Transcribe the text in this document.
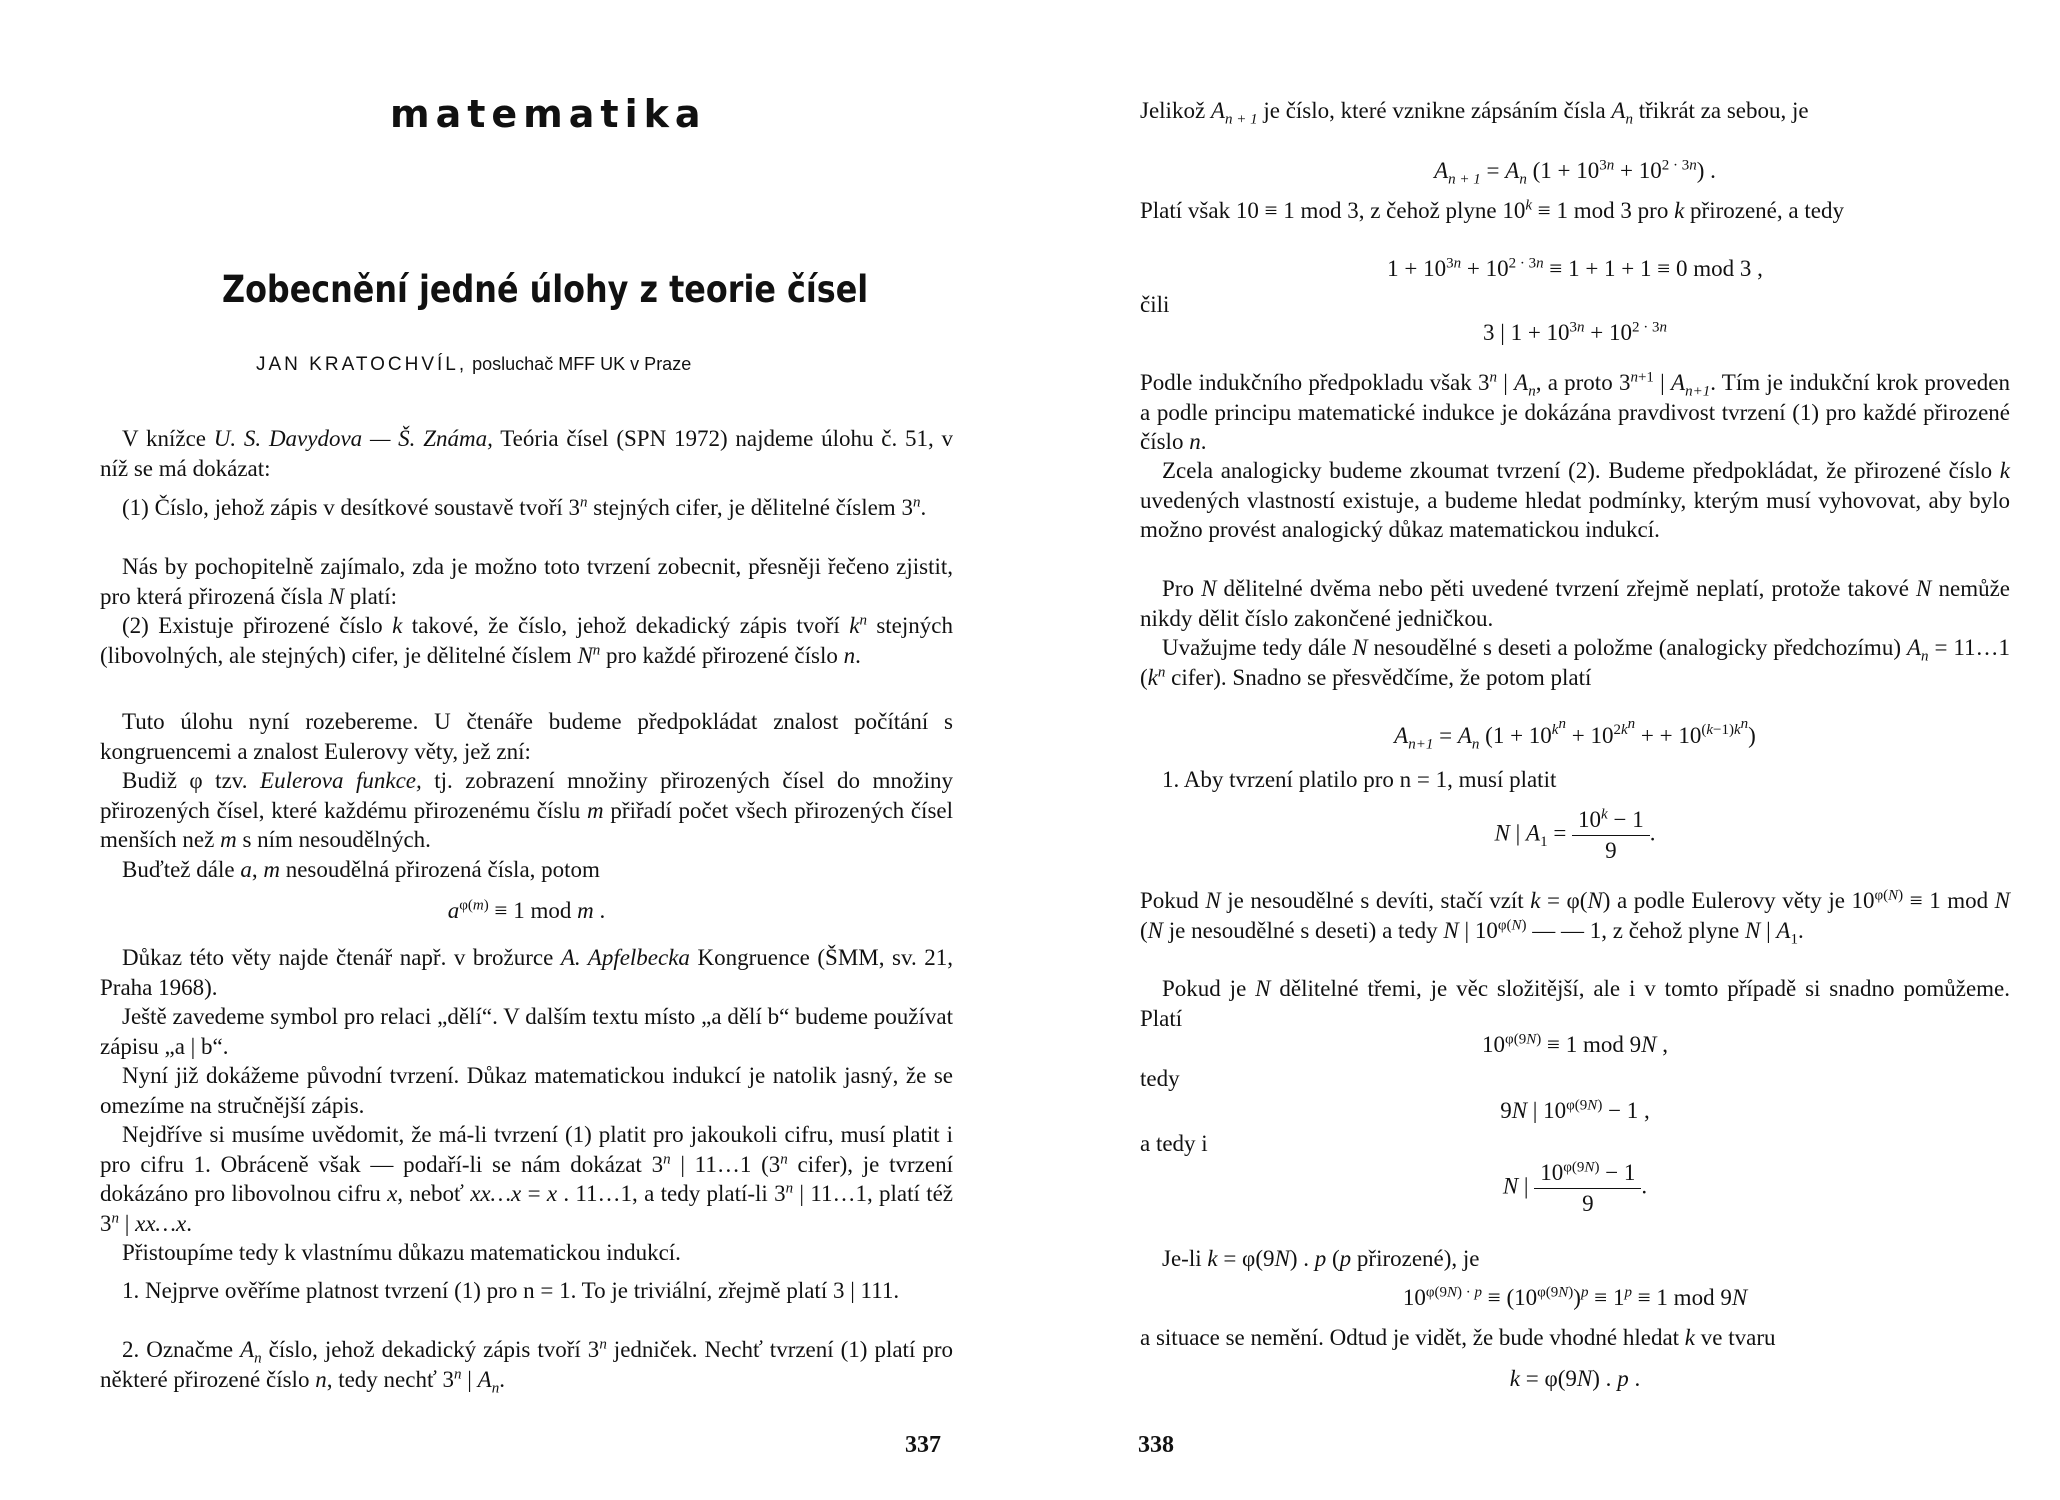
matematika
Zobecnění jedné úlohy z teorie čísel
JAN KRATOCHVÍL, posluchač MFF UK v Praze

V knížce U. S. Davydova — Š. Známa, Teória čísel (SPN 1972) najdeme úlohu č. 51, v níž se má dokázat:

(1) Číslo, jehož zápis v desítkové soustavě tvoří 3$^n$ stejných cifer, je dělitelné číslem 3$^n$.

Nás by pochopitelně zajímalo, zda je možno toto tvrzení zobecnit, přesněji řečeno zjistit, pro která přirozená čísla N platí:

(2) Existuje přirozené číslo k takové, že číslo, jehož dekadický zápis tvoří $k^n$ stejných (libovolných, ale stejných) cifer, je dělitelné číslem $N^n$ pro každé přirozené číslo n.

Tuto úlohu nyní rozebereme. U čtenáře budeme předpokládat znalost počítání s kongruencemi a znalost Eulerovy věty, jež zní:

Budiž φ tzv. Eulerova funkce, tj. zobrazení množiny přirozených čísel do množiny přirozených čísel, které každému přirozenému číslu m přiřadí počet všech přirozených čísel menších než m s ním nesoudělných.

Buďtež dále a, m nesoudělná přirozená čísla, potom

$a^{\varphi(m)} \equiv 1$ mod m .

Důkaz této věty najde čtenář např. v brožurce A. Apfelbecka Kongruence (ŠMM, sv. 21, Praha 1968).

Ještě zavedeme symbol pro relaci „dělí“. V dalším textu místo „a dělí b“ budeme používat zápisu „a | b“.

Nyní již dokážeme původní tvrzení. Důkaz matematickou indukcí je natolik jasný, že se omezíme na stručnější zápis.

Nejdříve si musíme uvědomit, že má-li tvrzení (1) platit pro jakoukoli cifru, musí platit i pro cifru 1. Obráceně však — podaří-li se nám dokázat 3$^n$ | 11…1 (3$^n$ cifer), je tvrzení dokázáno pro libovolnou cifru x, neboť xx…x = x . 11…1, a tedy platí-li 3$^n$ | 11…1, platí též 3$^n$ | xx…x.

Přistoupíme tedy k vlastnímu důkazu matematickou indukcí.

1. Nejprve ověříme platnost tvrzení (1) pro n = 1. To je triviální, zřejmě platí 3 | 111.

2. Označme $A_n$ číslo, jehož dekadický zápis tvoří 3$^n$ jedniček. Nechť tvrzení (1) platí pro některé přirozené číslo n, tedy nechť 3$^n$ | $A_n$.

337

Jelikož $A_{n + 1}$ je číslo, které vznikne zápsáním čísla $A_n$ třikrát za sebou, je

$A_{n + 1} = A_n$ $(1 + 10^{3n} + 10^{2 \cdot 3n})$ .

Platí však 10 ≡ 1 mod 3, z čehož plyne $10^k \equiv 1$ mod 3 pro k přirozené, a tedy

$1 + 10^{3n} + 10^{2 \cdot 3n} \equiv 1 + 1 + 1 \equiv 0$ mod 3 ,

čili

3 | $1 + 10^{3n} + 10^{2 \cdot 3n}$

Podle indukčního předpokladu však 3$^n$ | $A_n$, a proto $3^{n+1}$ | $A_{n+1}$. Tím je indukční krok proveden a podle principu matematické indukce je dokázána pravdivost tvrzení (1) pro každé přirozené číslo n.

Zcela analogicky budeme zkoumat tvrzení (2). Budeme předpokládat, že přirozené číslo k uvedených vlastností existuje, a budeme hledat podmínky, kterým musí vyhovovat, aby bylo možno provést analogický důkaz matematickou indukcí.

Pro N dělitelné dvěma nebo pěti uvedené tvrzení zřejmě neplatí, protože takové N nemůže nikdy dělit číslo zakončené jedničkou.

Uvažujme tedy dále N nesoudělné s deseti a položme (analogicky předchozímu) $A_n$ = 11…1 ($k^n$ cifer). Snadno se přesvědčíme, že potom platí

$A_{n+1} = A_n$ ($1 + 10^{k^n} + 10^{2k^n}$ + + $10^{(k-1)k^n}$)

1. Aby tvrzení platilo pro n = 1, musí platit

N | $A_1 = \frac{10^k - 1}{9}$ .

Pokud N je nesoudělné s devíti, stačí vzít k = φ(N) a podle Eulerovy věty je $10^{\varphi(N)} \equiv 1$ mod N (N je nesoudělné s deseti) a tedy N | $10^{\varphi(N)}$ — — 1, z čehož plyne N | $A_1$.

Pokud je N dělitelné třemi, je věc složitější, ale i v tomto případě si snadno pomůžeme. Platí

$10^{\varphi(9N)} \equiv 1$ mod 9N ,

tedy

9N | $10^{\varphi(9N)} - 1$ ,

a tedy i

N | $\frac{10^{\varphi(9N)} - 1}{9}$ .

Je-li k = φ(9N) . p (p přirozené), je

$10^{\varphi(9N) \cdot p} \equiv (10^{\varphi(9N)})^p \equiv 1^p \equiv 1$ mod 9N

a situace se nemění. Odtud je vidět, že bude vhodné hledat k ve tvaru

k = φ(9N) . p .

338
